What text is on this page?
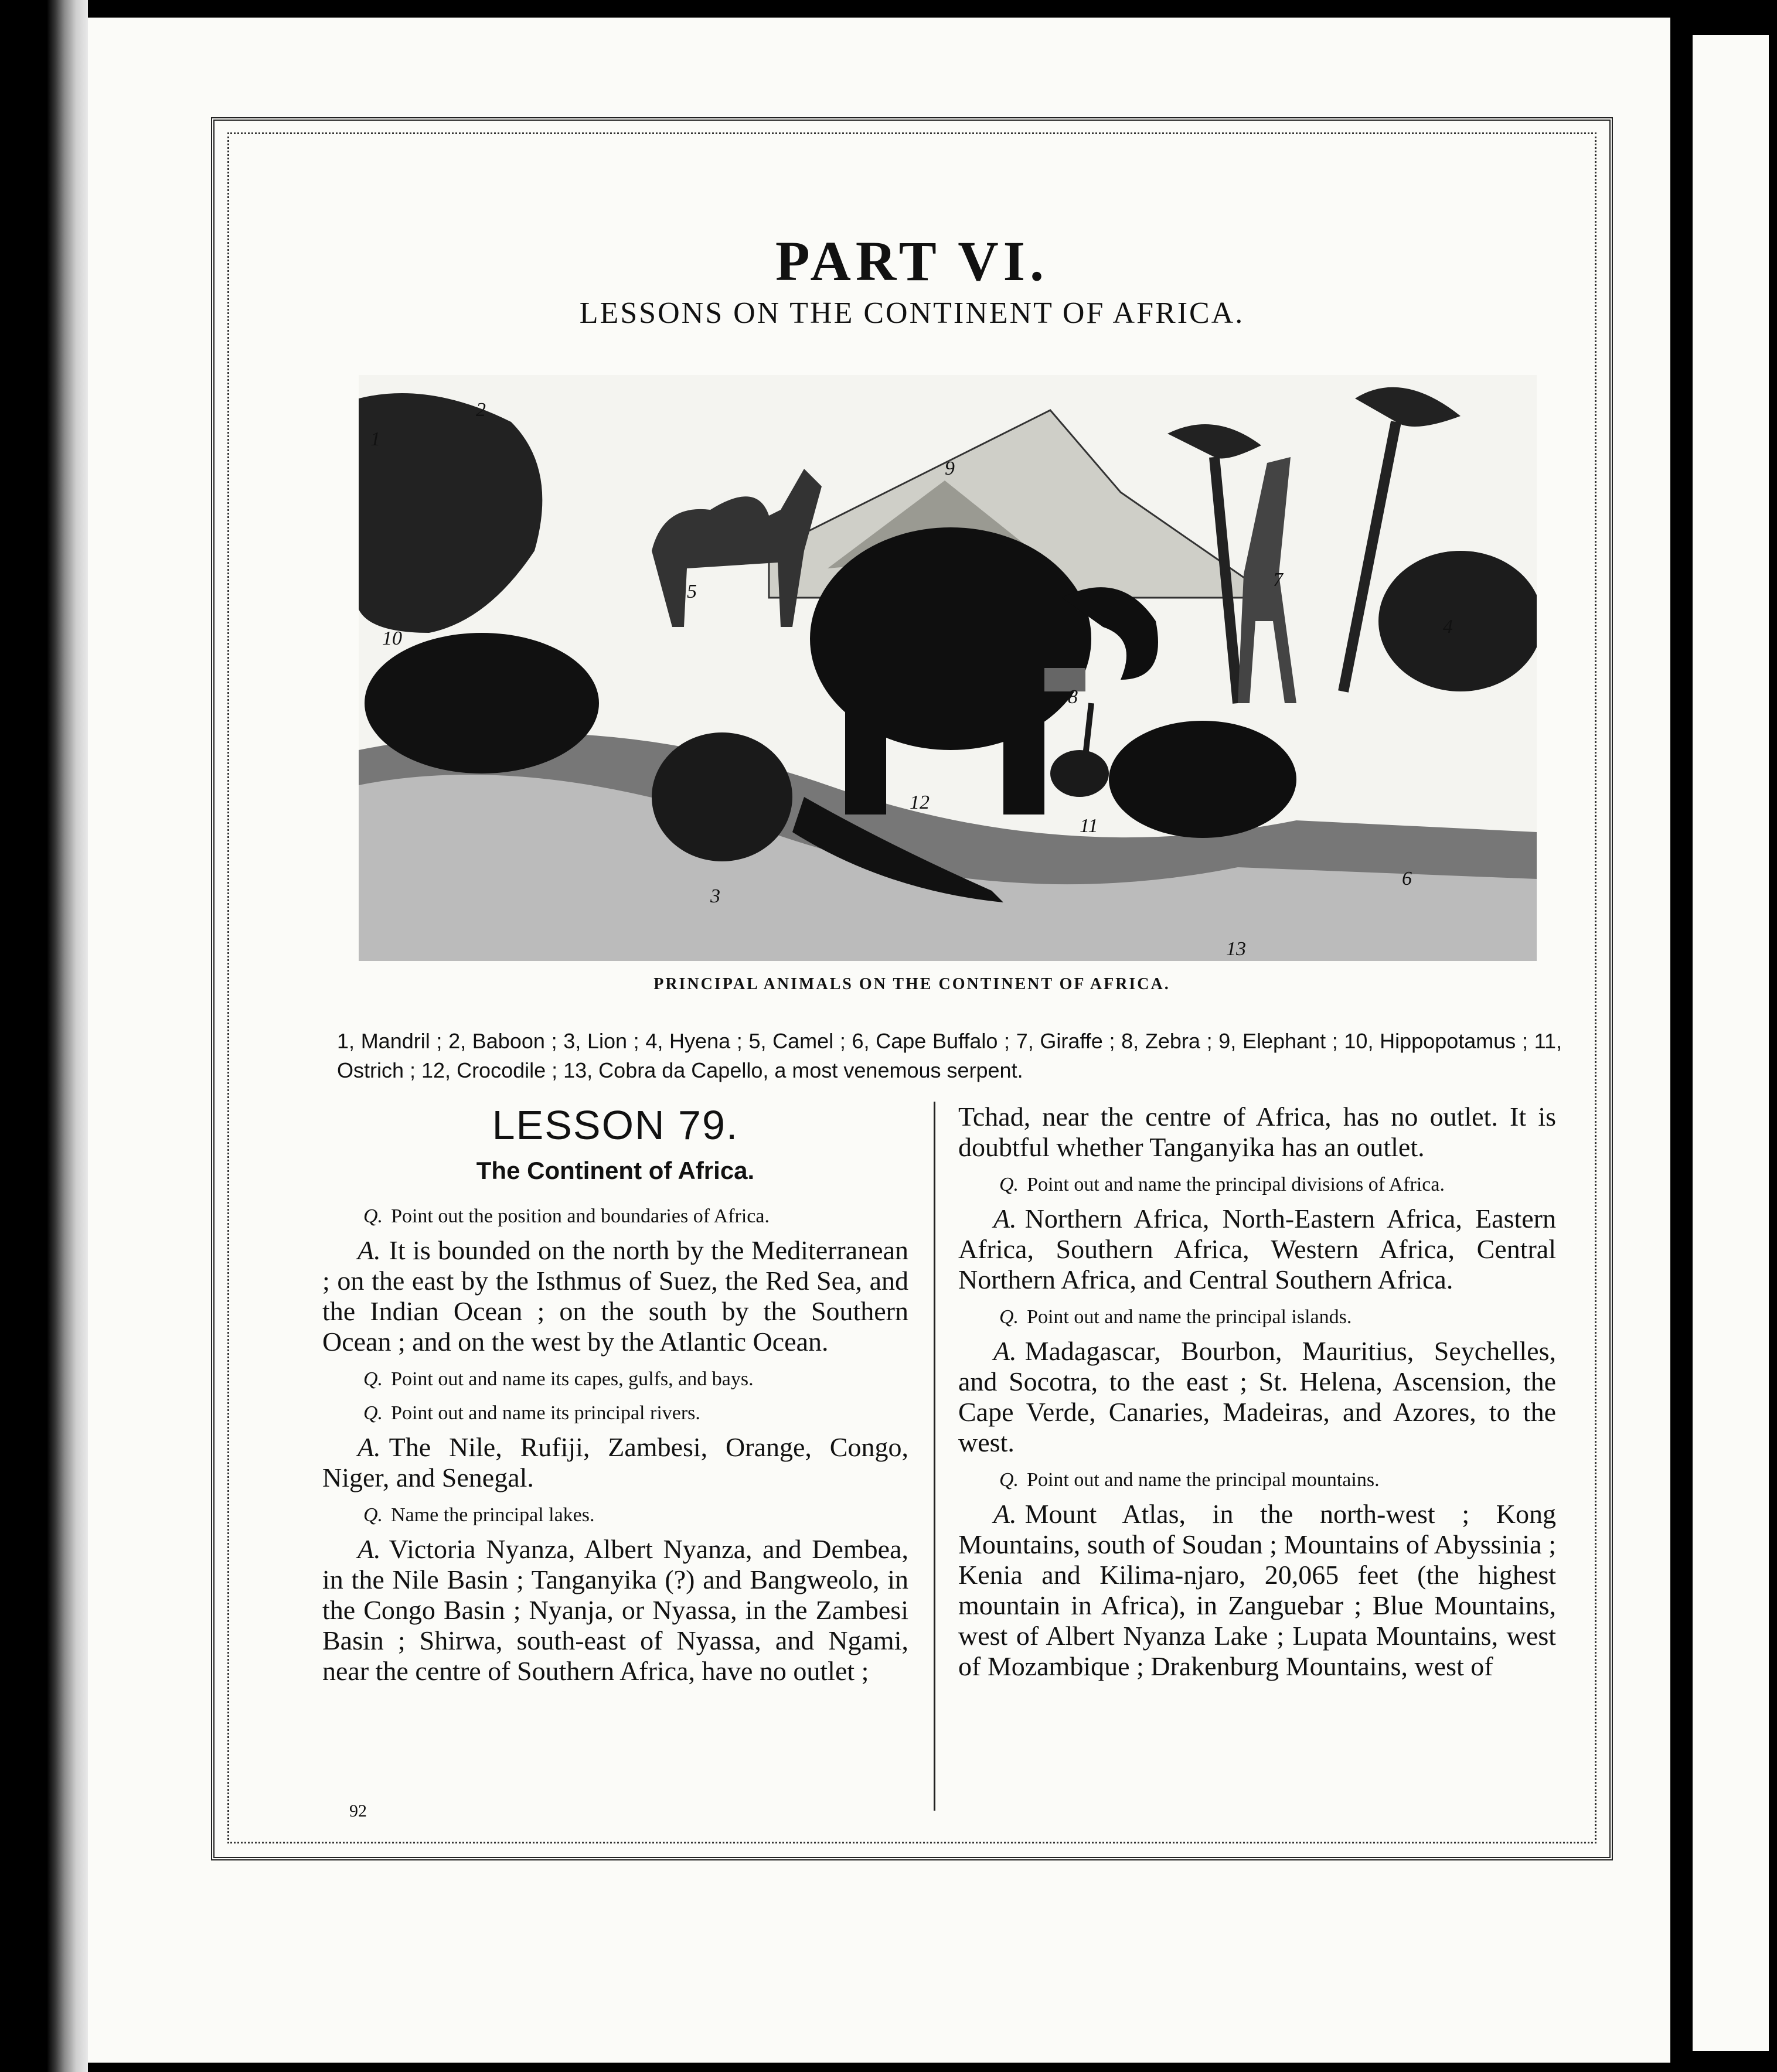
PART VI.
LESSONS ON THE CONTINENT OF AFRICA.
1
2
3
4
5
6
7
8
9
10
11
12
13
PRINCIPAL ANIMALS ON THE CONTINENT OF AFRICA.
1, Mandril ; 2, Baboon ; 3, Lion ; 4, Hyena ; 5, Camel ; 6, Cape Buffalo ; 7, Giraffe ; 8, Zebra ; 9, Elephant ; 10, Hippopotamus ; 11, Ostrich ; 12, Crocodile ; 13, Cobra da Capello, a most venemous serpent.
LESSON 79.
The Continent of Africa.
Q. Point out the position and boundaries of Africa.
A. It is bounded on the north by the Mediterranean ; on the east by the Isthmus of Suez, the Red Sea, and the Indian Ocean ; on the south by the Southern Ocean ; and on the west by the Atlantic Ocean.
Q. Point out and name its capes, gulfs, and bays.
Q. Point out and name its principal rivers.
A. The Nile, Rufiji, Zambesi, Orange, Congo, Niger, and Senegal.
Q. Name the principal lakes.
A. Victoria Nyanza, Albert Nyanza, and Dembea, in the Nile Basin ; Tanganyika (?) and Bangweolo, in the Congo Basin ; Nyanja, or Nyassa, in the Zambesi Basin ; Shirwa, south-east of Nyassa, and Ngami, near the centre of Southern Africa, have no outlet ;
Tchad, near the centre of Africa, has no outlet. It is doubtful whether Tanganyika has an outlet.
Q. Point out and name the principal divisions of Africa.
A. Northern Africa, North-Eastern Africa, Eastern Africa, Southern Africa, Western Africa, Central Northern Africa, and Central Southern Africa.
Q. Point out and name the principal islands.
A. Madagascar, Bourbon, Mauritius, Seychelles, and Socotra, to the east ; St. Helena, Ascension, the Cape Verde, Canaries, Madeiras, and Azores, to the west.
Q. Point out and name the principal mountains.
A. Mount Atlas, in the north-west ; Kong Mountains, south of Soudan ; Mountains of Abyssinia ; Kenia and Kilima-njaro, 20,065 feet (the highest mountain in Africa), in Zanguebar ; Blue Mountains, west of Albert Nyanza Lake ; Lupata Mountains, west of Mozambique ; Drakenburg Mountains, west of
92
